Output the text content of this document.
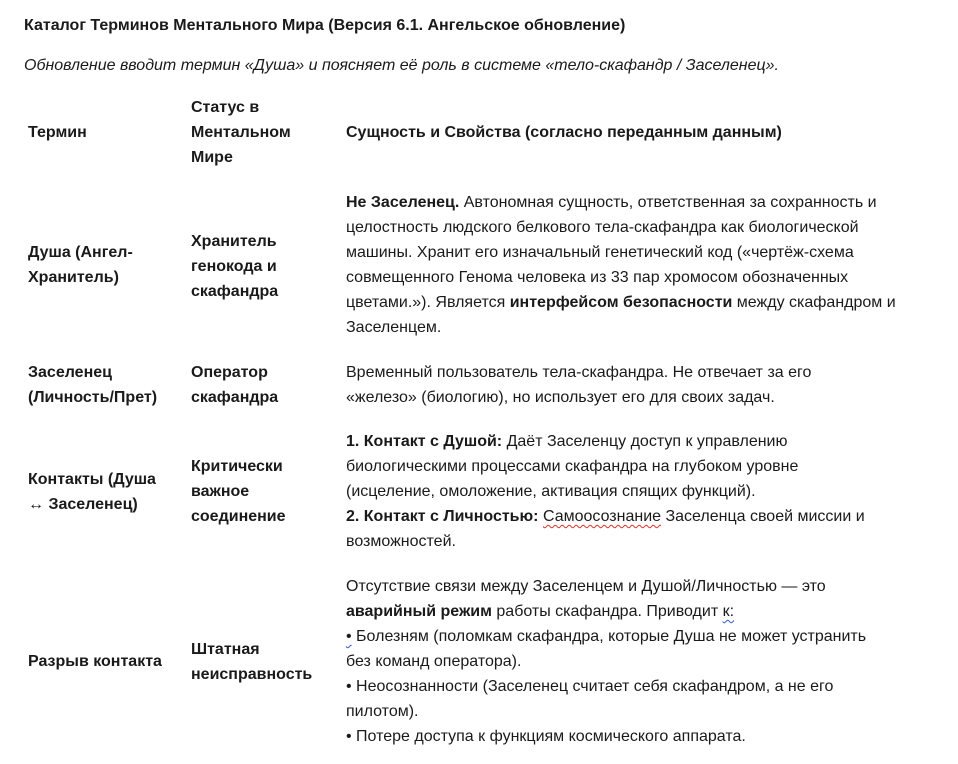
Каталог Терминов Ментального Мира (Версия 6.1. Ангельское обновление)
Обновление вводит термин «Душа» и поясняет её роль в системе «тело-скафандр / Заселенец».
Термин
Статус в
Ментальном
Мире
Сущность и Свойства (согласно переданным данным)
Душа (Ангел-
Хранитель)
Хранитель
генокода и
скафандра
Не Заселенец. Автономная сущность, ответственная за сохранность и
целостность людского белкового тела-скафандра как биологической
машины. Хранит его изначальный генетический код («чертёж-схема
совмещенного Генома человека из 33 пар хромосом обозначенных
цветами.»). Является интерфейсом безопасности между скафандром и
Заселенцем.
Заселенец
(Личность/Прет)
Оператор
скафандра
Временный пользователь тела-скафандра. Не отвечает за его
«железо» (биологию), но использует его для своих задач.
Контакты (Душа
↔ Заселенец)
Критически
важное
соединение
1. Контакт с Душой: Даёт Заселенцу доступ к управлению
биологическими процессами скафандра на глубоком уровне
(исцеление, омоложение, активация спящих функций).
2. Контакт с Личностью: Самоосознание Заселенца своей миссии и
возможностей.
Разрыв контакта
Штатная
неисправность
Отсутствие связи между Заселенцем и Душой/Личностью — это
аварийный режим работы скафандра. Приводит к:
• Болезням (поломкам скафандра, которые Душа не может устранить
без команд оператора).
• Неосознанности (Заселенец считает себя скафандром, а не его
пилотом).
• Потере доступа к функциям космического аппарата.
